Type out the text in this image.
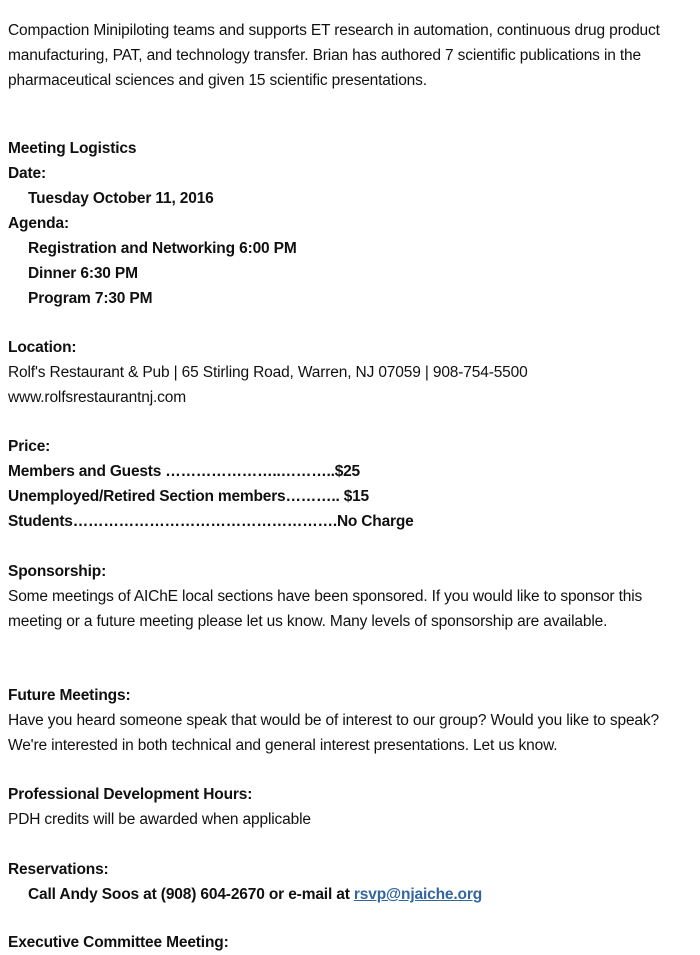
Compaction Minipiloting teams and supports ET research in automation, continuous drug product manufacturing, PAT, and technology transfer. Brian has authored 7 scientific publications in the pharmaceutical sciences and given 15 scientific presentations.

Meeting Logistics
Date:
Tuesday October 11, 2016
Agenda:
Registration and Networking 6:00 PM
Dinner 6:30 PM
Program 7:30 PM
Location:
Rolf's Restaurant & Pub | 65 Stirling Road, Warren, NJ 07059 | 908-754-5500
www.rolfsrestaurantnj.com
Price:
Members and Guests …………………..………..$25
Unemployed/Retired Section members……….. $15
Students…………………………………………….No Charge
Sponsorship:
Some meetings of AIChE local sections have been sponsored. If you would like to sponsor this meeting or a future meeting please let us know. Many levels of sponsorship are available.
Future Meetings:
Have you heard someone speak that would be of interest to our group? Would you like to speak? We're interested in both technical and general interest presentations. Let us know.
Professional Development Hours:
PDH credits will be awarded when applicable
Reservations:
Call Andy Soos at (908) 604-2670 or e-mail at rsvp@njaiche.org
Executive Committee Meeting:
